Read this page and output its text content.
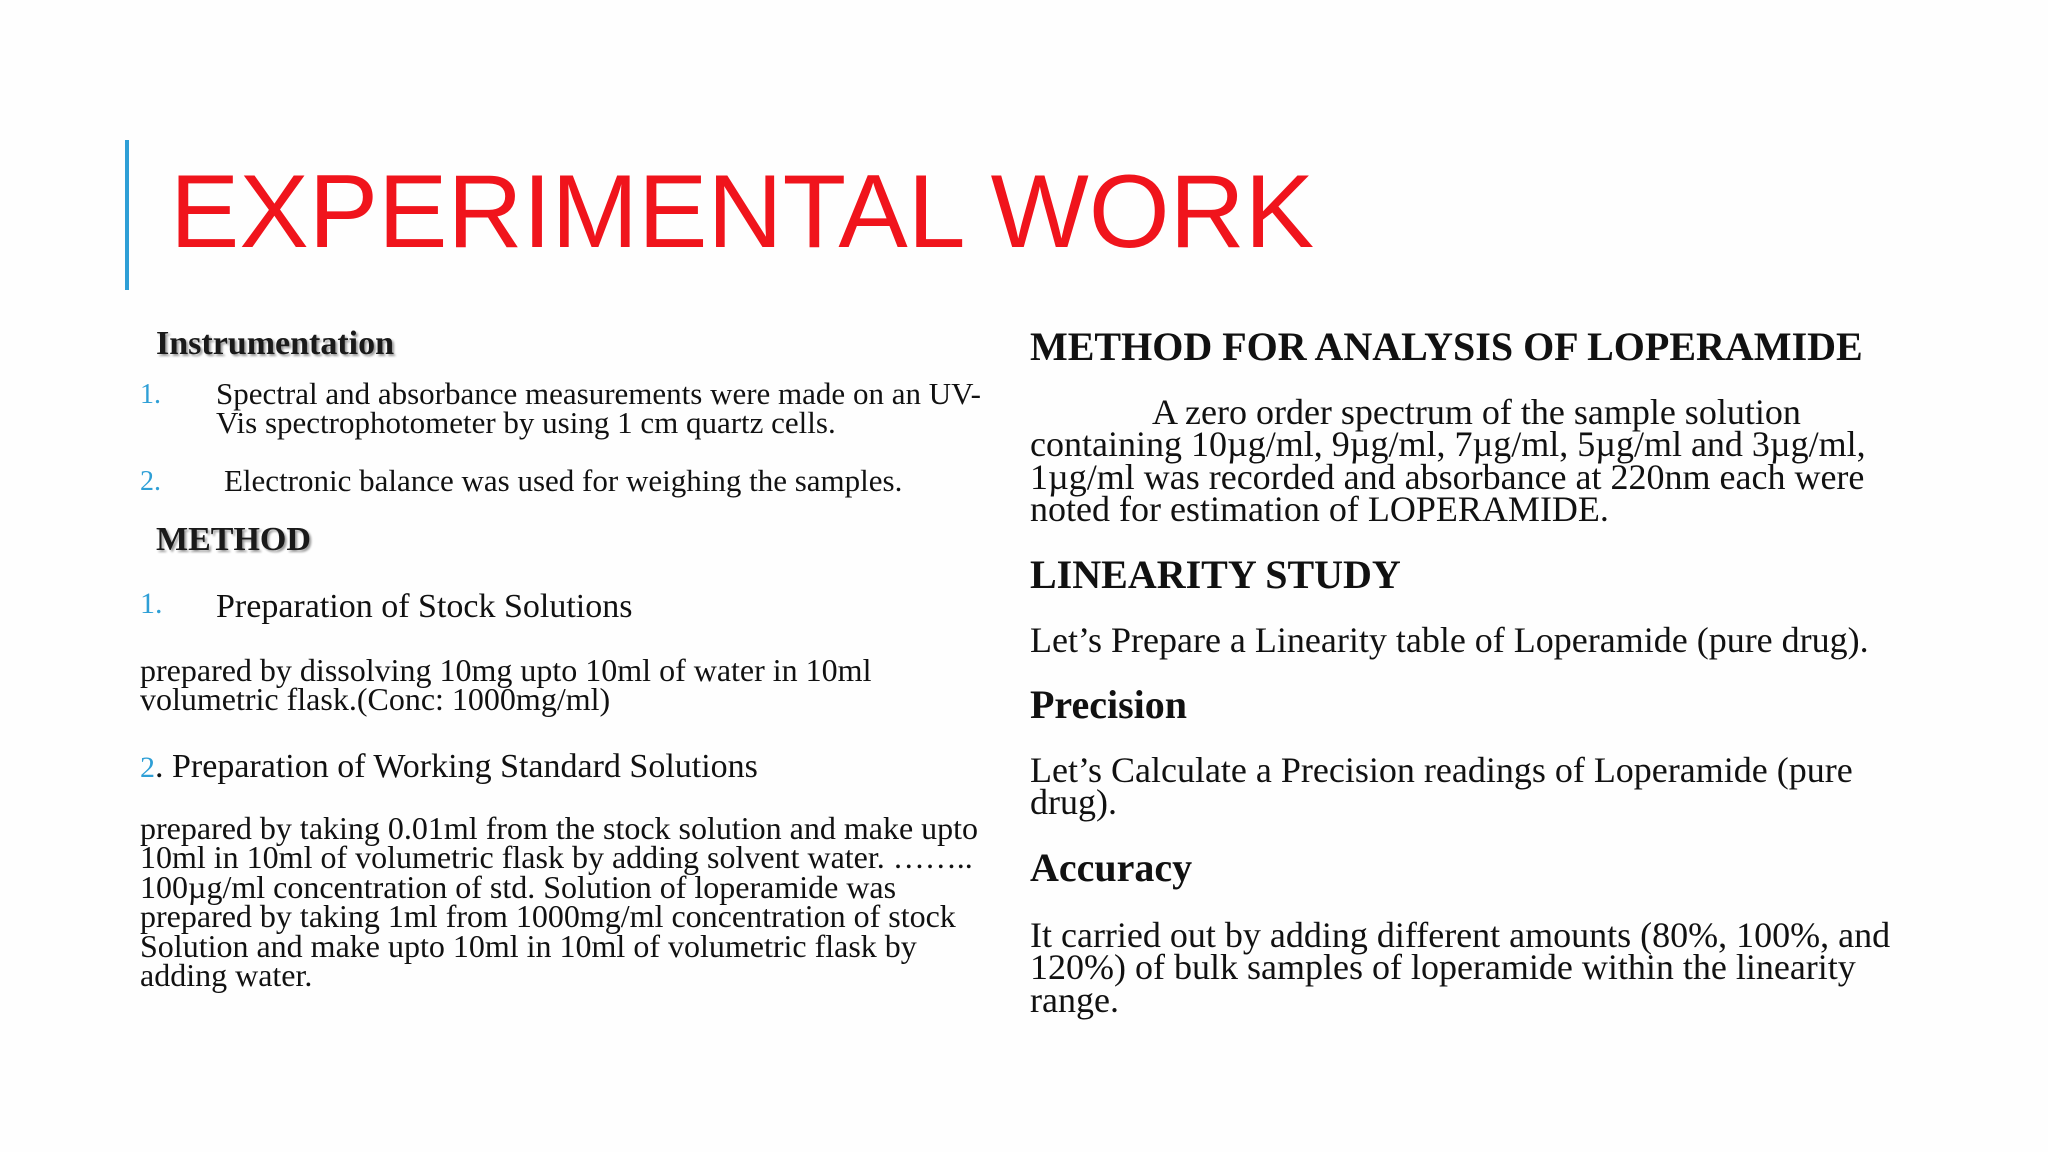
EXPERIMENTAL WORK

Instrumentation

1.	Spectral and absorbance measurements were made on an UV-Vis spectrophotometer by using 1 cm quartz cells.
2.	Electronic balance was used for weighing the samples.

METHOD

1.	Preparation of Stock Solutions

prepared by dissolving 10mg upto 10ml of water in 10ml volumetric flask.(Conc: 1000mg/ml)

2. Preparation of Working Standard Solutions

prepared by taking 0.01ml from the stock solution and make upto 10ml in 10ml of volumetric flask by adding solvent water. …….. 100µg/ml concentration of std. Solution of loperamide was prepared by taking 1ml from 1000mg/ml concentration of stock Solution and make upto 10ml in 10ml of volumetric flask by adding water.

METHOD FOR ANALYSIS OF LOPERAMIDE

A zero order spectrum of the sample solution containing 10µg/ml, 9µg/ml, 7µg/ml, 5µg/ml and 3µg/ml, 1µg/ml was recorded and absorbance at 220nm each were noted for estimation of LOPERAMIDE.

LINEARITY STUDY

Let’s Prepare a Linearity table of Loperamide (pure drug).

Precision

Let’s Calculate a Precision readings of Loperamide (pure drug).

Accuracy

It carried out by adding different amounts (80%, 100%, and 120%) of bulk samples of loperamide within the linearity range.
